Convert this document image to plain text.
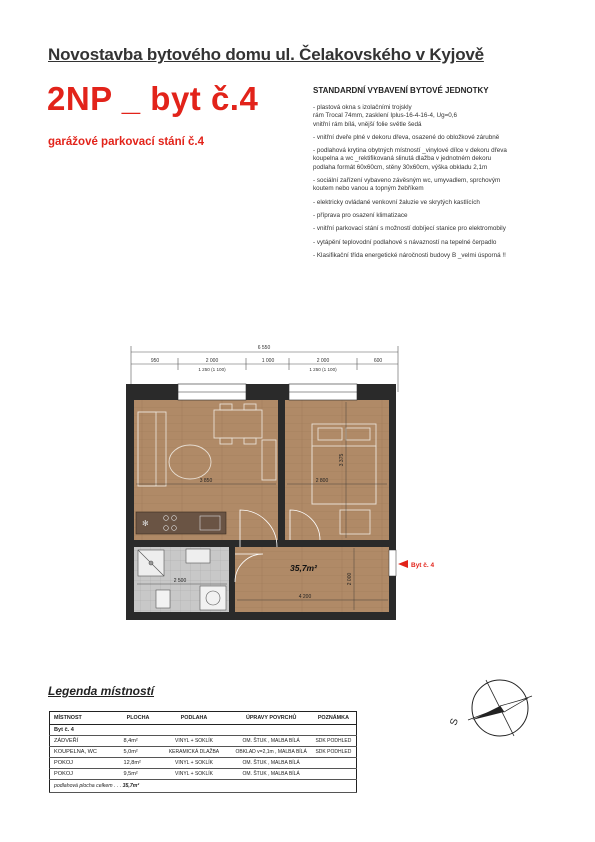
Novostavba bytového domu ul. Čelakovského v Kyjově
2NP _ byt č.4
garážové parkovací stání č.4
STANDARDNÍ VYBAVENÍ BYTOVÉ JEDNOTKY
- plastová okna s izolačními trojskly
rám Trocal 74mm, zasklení Iplus-16-4-16-4, Ug=0,6
vnitřní rám bílá, vnější folie světle šedá
- vnitřní dveře plné v dekoru dřeva, osazené do obložkové zárubně
- podlahová krytina obytných místností _vinylové dílce v dekoru dřeva
koupelna a wc _rektifikovaná slinutá dlažba v jednotném dekoru
podlaha formát 60x60cm, stěny 30x60cm, výška obkladu 2,1m
- sociální zařízení vybaveno závěsným wc, umyvadlem, sprchovým
koutem nebo vanou a topným žebříkem
- elektricky ovládané venkovní žaluzie ve skrytých kastlících
- příprava pro osazení klimatizace
- vnitřní parkovací stání s možností dobíjecí stanice pro elektromobily
- vytápění teplovodní podlahové s návazností na tepelné čerpadlo
- Klasifikační třída energetické náročnosti budovy B _velmi úsporná !!
6 550
950	2 000	1 000	2 000	600
1 250 (1 100)	1 250 (1 100)
✻
Byt č. 4
3 850	2 800
3 375
2 500
4 200
2 000
35,7m²
Legenda místností
MÍSTNOST	PLOCHA	PODLAHA	ÚPRAVY POVRCHŮ	POZNÁMKA
Byt č. 4				
ZÁDVEŘÍ	8,4m²	VINYL + SOKLÍK	OM. ŠTUK , MALBA BÍLÁ	SDK PODHLED
KOUPELNA, WC	5,0m²	KERAMICKÁ DLAŽBA	OBKLAD v=2,1m , MALBA BÍLÁ	SDK PODHLED
POKOJ	12,8m²	VINYL + SOKLÍK	OM. ŠTUK , MALBA BÍLÁ	
POKOJ	9,5m²	VINYL + SOKLÍK	OM. ŠTUK , MALBA BÍLÁ	
podlahová plocha celkem . . . 35,7m²				
S
